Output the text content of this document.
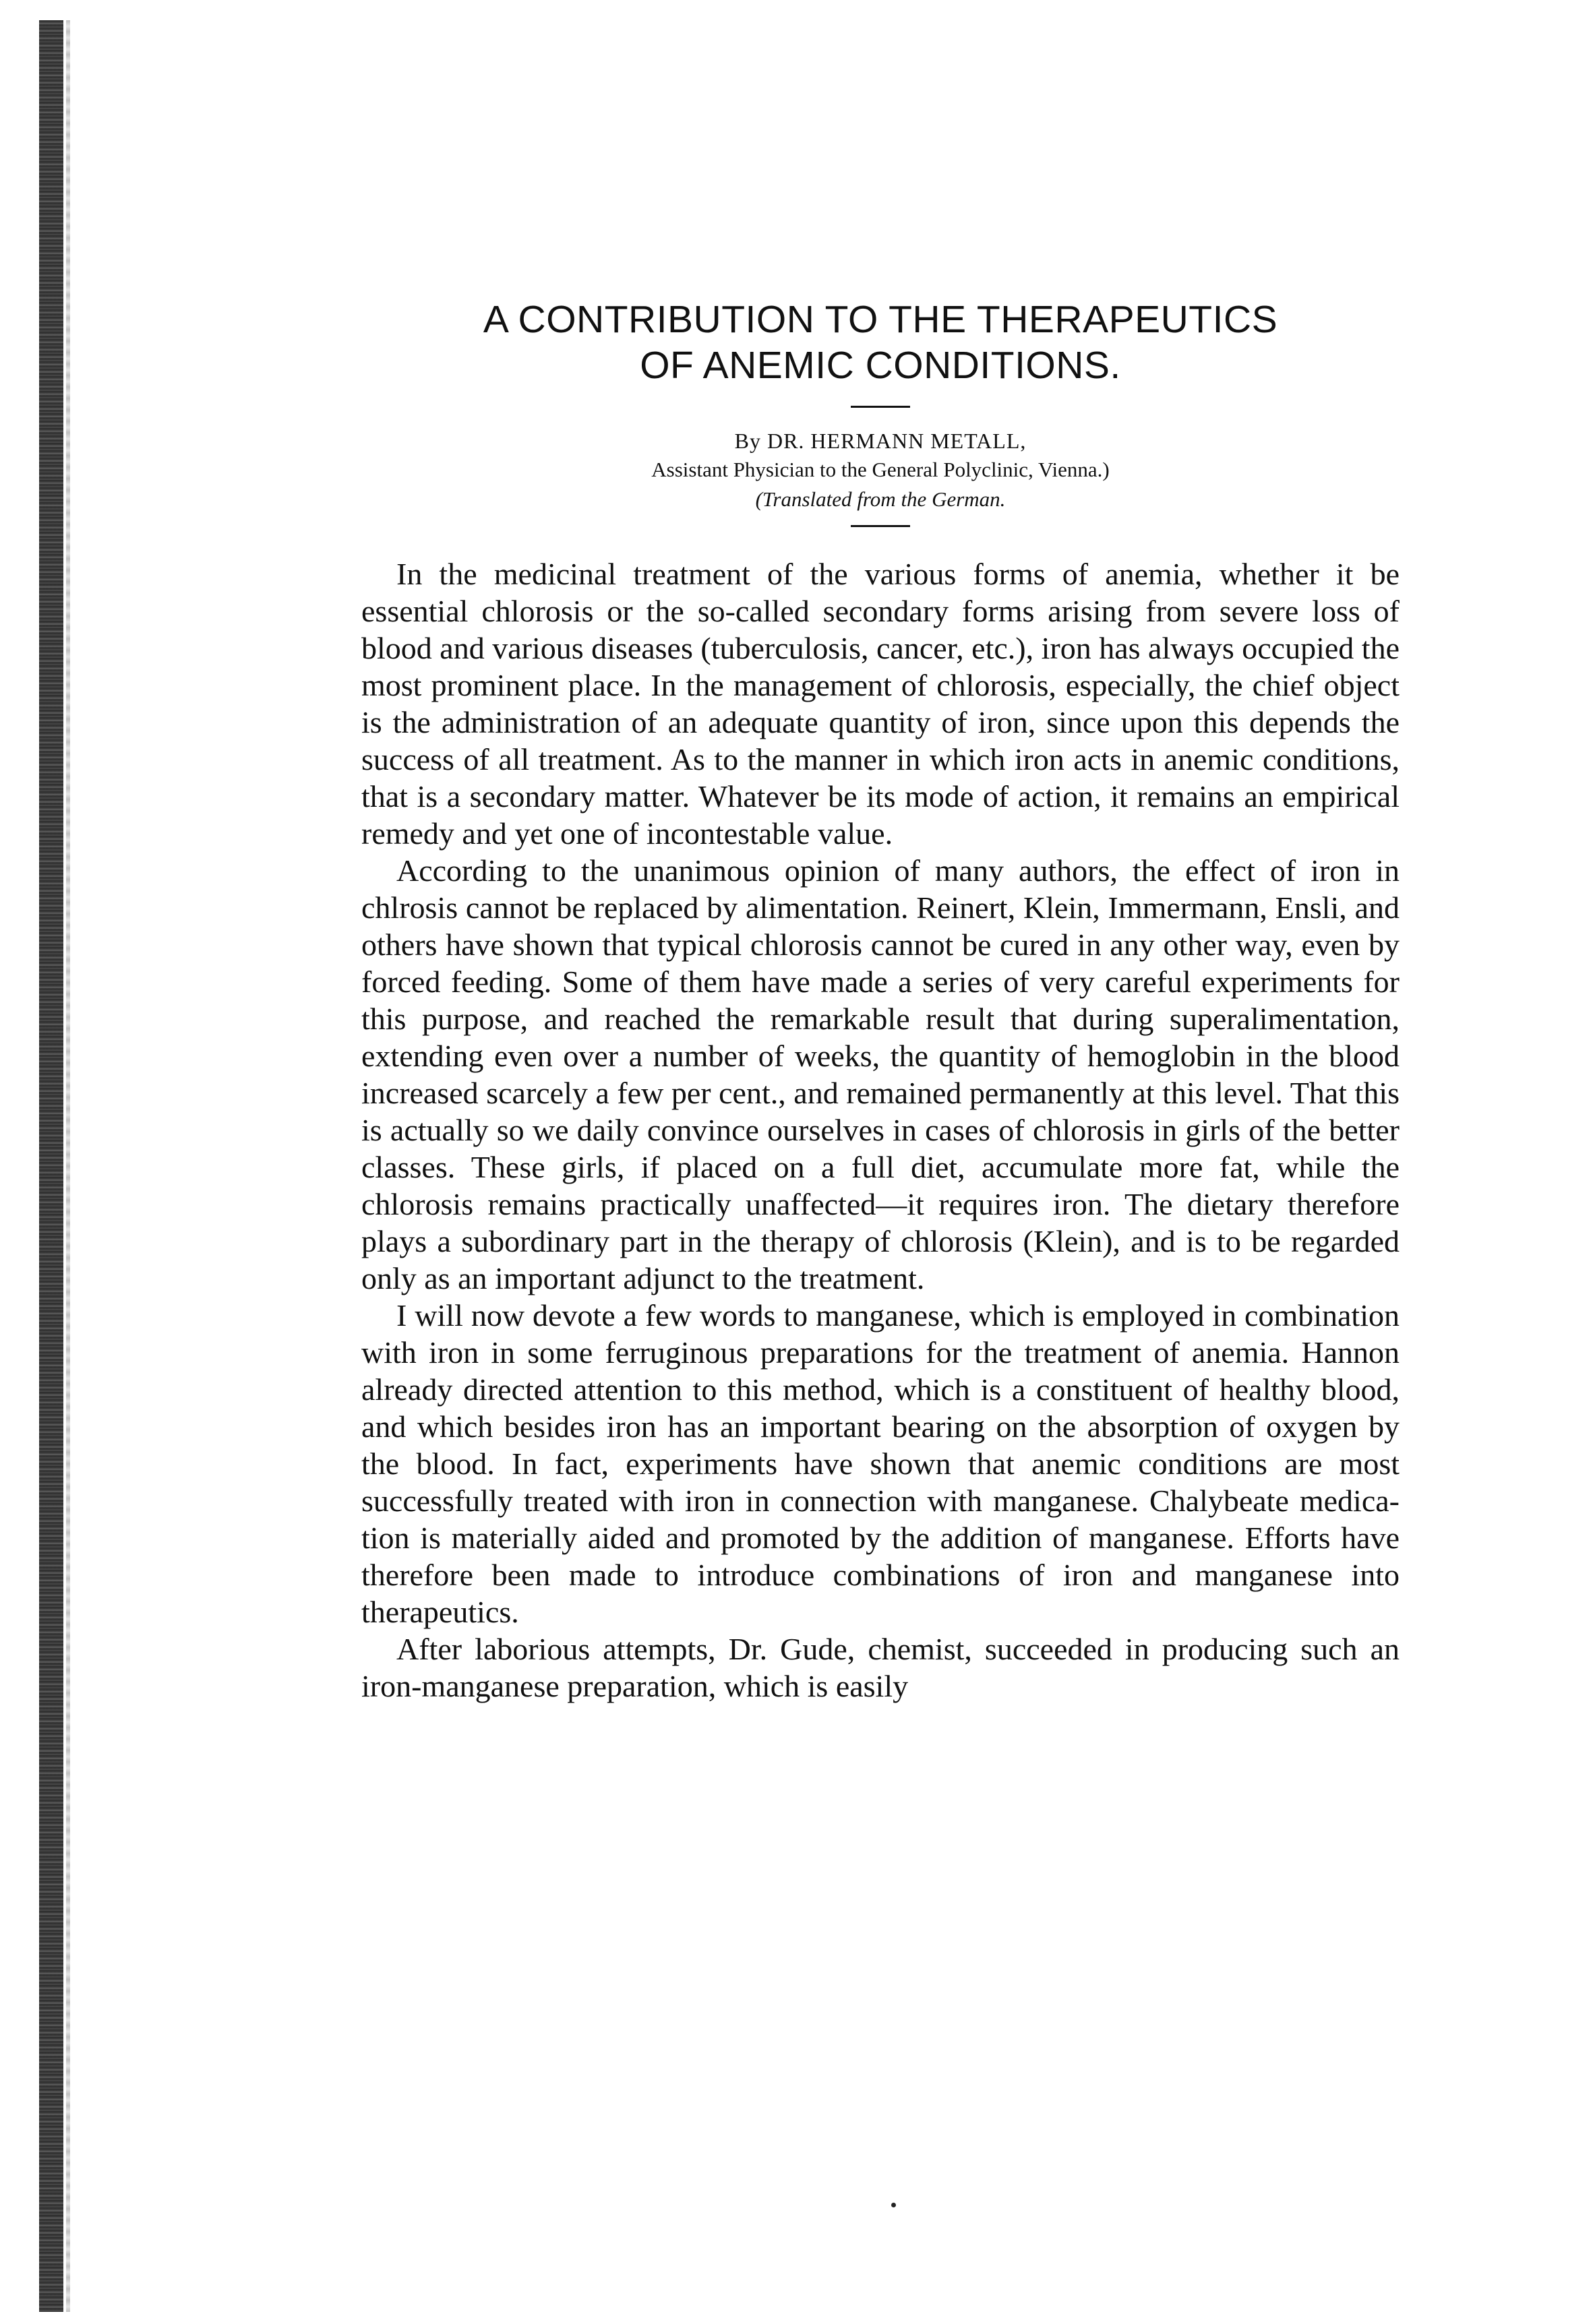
A CONTRIBUTION TO THE THERAPEUTICS
OF ANEMIC CONDITIONS.

By DR. HERMANN METALL,

Assistant Physician to the General Polyclinic, Vienna.)

(Translated from the German.

In the medicinal treatment of the various forms of anemia, whether it be essential chlorosis or the so-called secondary forms arising from severe loss of blood and various diseases (tuberculosis, cancer, etc.), iron has always occupied the most prominent place. In the management of chlorosis, especially, the chief object is the administration of an adequate quantity of iron, since upon this depends the success of all treatment. As to the manner in which iron acts in anemic conditions, that is a secondary matter. Whatever be its mode of action, it remains an empirical remedy and yet one of incontestable value.

According to the unanimous opinion of many authors, the effect of iron in chlrosis cannot be replaced by alimentation. Reinert, Klein, Immermann, Ensli, and others have shown that typical chlorosis cannot be cured in any other way, even by forced feeding. Some of them have made a series of very careful experiments for this purpose, and reached the remarkable result that during superalimentation, extending even over a number of weeks, the quantity of hemoglobin in the blood increased scarcely a few per cent., and remained permanently at this level. That this is actually so we daily convince ourselves in cases of chlorosis in girls of the better classes. These girls, if placed on a full diet, accumulate more fat, while the chlorosis remains practically unaffected—it requires iron. The dietary therefore plays a subordinary part in the therapy of chlorosis (Klein), and is to be regarded only as an important adjunct to the treatment.

I will now devote a few words to manganese, which is employed in combination with iron in some ferruginous preparations for the treatment of anemia. Hannon already directed attention to this method, which is a constituent of healthy blood, and which besides iron has an important bearing on the absorption of oxygen by the blood. In fact, experiments have shown that anemic conditions are most successfully treated with iron in connection with manganese. Chalybeate medication is materially aided and promoted by the addition of manganese. Efforts have therefore been made to introduce combinations of iron and manganese into therapeutics.

After laborious attempts, Dr. Gude, chemist, succeeded in producing such an iron-manganese preparation, which is easily
